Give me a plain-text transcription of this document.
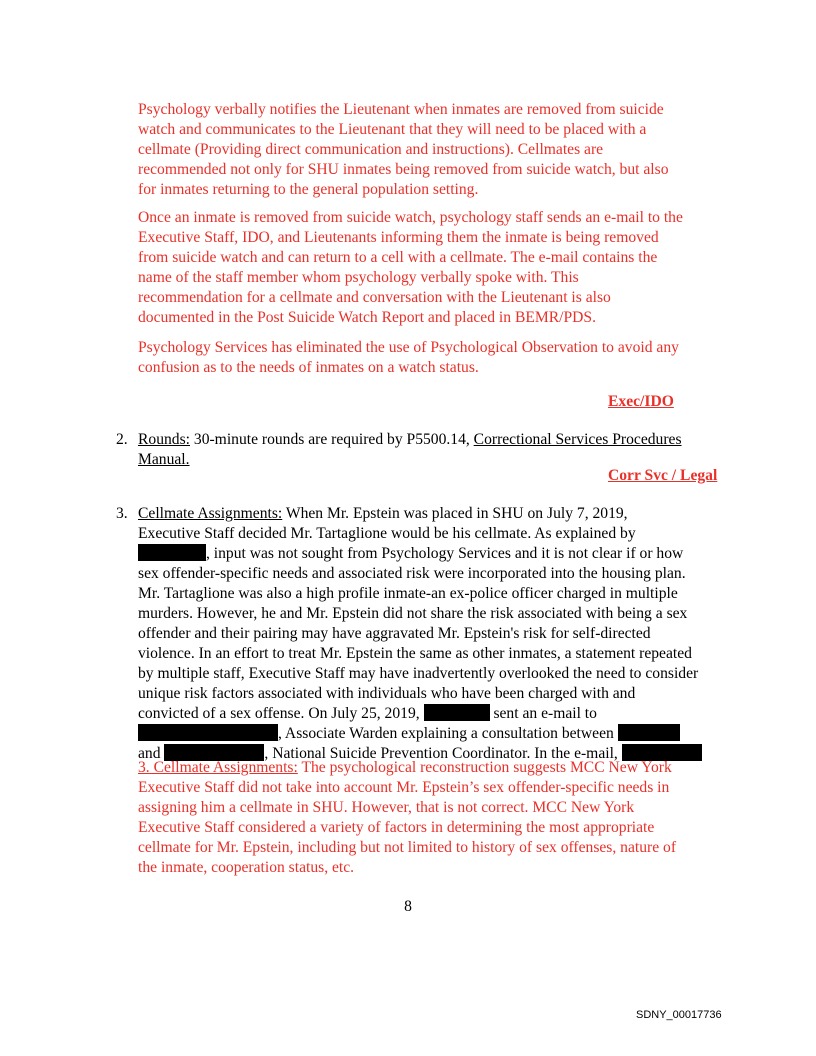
Psychology verbally notifies the Lieutenant when inmates are removed from suicide
watch and communicates to the Lieutenant that they will need to be placed with a
cellmate (Providing direct communication and instructions). Cellmates are
recommended not only for SHU inmates being removed from suicide watch, but also
for inmates returning to the general population setting.
Once an inmate is removed from suicide watch, psychology staff sends an e-mail to the
Executive Staff, IDO, and Lieutenants informing them the inmate is being removed
from suicide watch and can return to a cell with a cellmate. The e-mail contains the
name of the staff member whom psychology verbally spoke with. This
recommendation for a cellmate and conversation with the Lieutenant is also
documented in the Post Suicide Watch Report and placed in BEMR/PDS.
Psychology Services has eliminated the use of Psychological Observation to avoid any
confusion as to the needs of inmates on a watch status.
Exec/IDO
2. Rounds: 30-minute rounds are required by P5500.14, Correctional Services Procedures
Manual.
Corr Svc / Legal
3. Cellmate Assignments: When Mr. Epstein was placed in SHU on July 7, 2019,
Executive Staff decided Mr. Tartaglione would be his cellmate. As explained by
, input was not sought from Psychology Services and it is not clear if or how
sex offender-specific needs and associated risk were incorporated into the housing plan.
Mr. Tartaglione was also a high profile inmate-an ex-police officer charged in multiple
murders. However, he and Mr. Epstein did not share the risk associated with being a sex
offender and their pairing may have aggravated Mr. Epstein's risk for self-directed
violence. In an effort to treat Mr. Epstein the same as other inmates, a statement repeated
by multiple staff, Executive Staff may have inadvertently overlooked the need to consider
unique risk factors associated with individuals who have been charged with and
convicted of a sex offense. On July 25, 2019,	sent an e-mail to
, Associate Warden explaining a consultation between
and	, National Suicide Prevention Coordinator. In the e-mail,
3. Cellmate Assignments: The psychological reconstruction suggests MCC New York
Executive Staff did not take into account Mr. Epstein’s sex offender-specific needs in
assigning him a cellmate in SHU. However, that is not correct. MCC New York
Executive Staff considered a variety of factors in determining the most appropriate
cellmate for Mr. Epstein, including but not limited to history of sex offenses, nature of
the inmate, cooperation status, etc.
8
SDNY_00017736
